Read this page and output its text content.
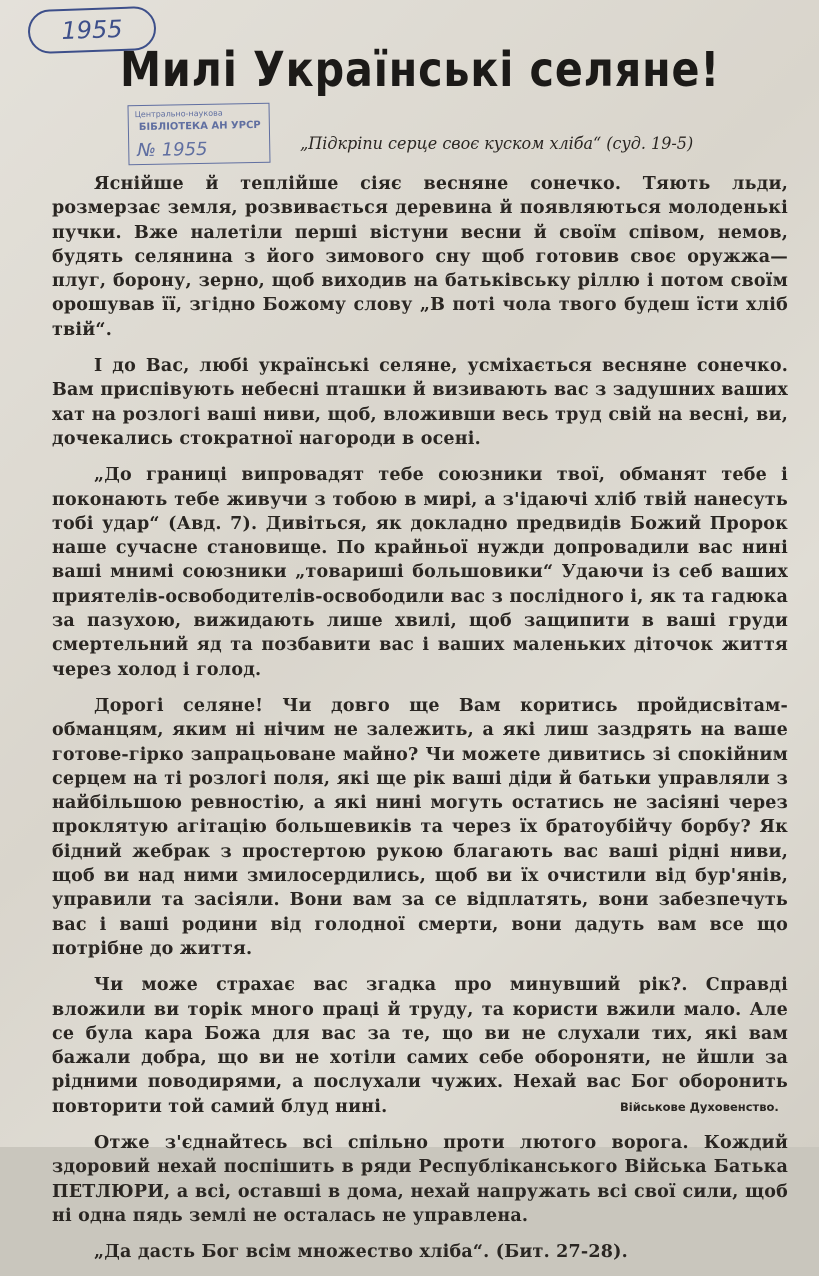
1955
Милі Українські селяне!
Центрально-наукова
БІБЛІОТЕКА АН УРСР
№ 1955	„Підкріпи серце своє куском хліба“ (суд. 19-5)

Яснійше й теплійше сіяє весняне сонечко. Тяють льди, розмерзає земля, розвивається деревина й появляються молоденькі пучки. Вже налетіли перші вістуни весни й своїм співом, немов, будять селянина з його зимового сну щоб готовив своє оружжа—плуг, борону, зерно, щоб виходив на батьківську ріллю і потом своїм орошував її, згідно Божому слову „В поті чола твого будеш їсти хліб твій“.

І до Вас, любі українські селяне, усміхається весняне сонечко. Вам приспівують небесні пташки й визивають вас з задушних ваших хат на розлогі ваші ниви, щоб, вложивши весь труд свій на весні, ви, дочекались стократної нагороди в осені.

„До границі випровадят тебе союзники твої, обманят тебе і поконають тебе живучи з тобою в мирі, а з'ідаючі хліб твій нанесуть тобі удар“ (Авд. 7). Дивіться, як докладно предвидів Божий Пророк наше сучасне становище. По крайньої нужди допровадили вас нині ваші мнимі союзники „товариші большовики“ Удаючи із себ ваших приятелів-освободителів-освободили вас з послідного і, як та гадюка за пазухою, вижидають лише хвилі, щоб защипити в ваші груди смертельний яд та позбавити вас і ваших маленьких діточок життя через холод і голод.

Дорогі селяне! Чи довго ще Вам коритись пройдисвітам-обманцям, яким ні нічим не залежить, а які лиш заздрять на ваше готове-гірко запрацьоване майно? Чи можете дивитись зі спокійним серцем на ті розлогі поля, які ще рік ваші діди й батьки управляли з найбільшою ревностію, а які нині могуть остатись не засіяні через проклятую агітацію большевиків та через їх братоубійчу борбу? Як бідний жебрак з простертою рукою благають вас ваші рідні ниви, щоб ви над ними змилосердились, щоб ви їх очистили від бур'янів, управили та засіяли. Вони вам за се відплатять, вони забезпечуть вас і ваші родини від голодної смерти, вони дадуть вам все що потрібне до життя.

Чи може страхає вас згадка про минувший рік?. Справді вложили ви торік много праці й труду, та користи вжили мало. Але се була кара Божа для вас за те, що ви не слухали тих, які вам бажали добра, що ви не хотіли самих себе обороняти, не йшли за рідними поводирями, а послухали чужих. Нехай вас Бог оборонить повторити той самий блуд нині.

Отже з'єднайтесь всі спільно проти лютого ворога. Кождий здоровий нехай поспішить в ряди Республіканського Війська Батька ПЕТЛЮРИ, а всі, оставші в дома, нехай напружать всі свої сили, щоб ні одна пядь землі не осталась не управлена.

„Да дасть Бог всім множество хліба“. (Бит. 27-28).

Військове Духовенство.
